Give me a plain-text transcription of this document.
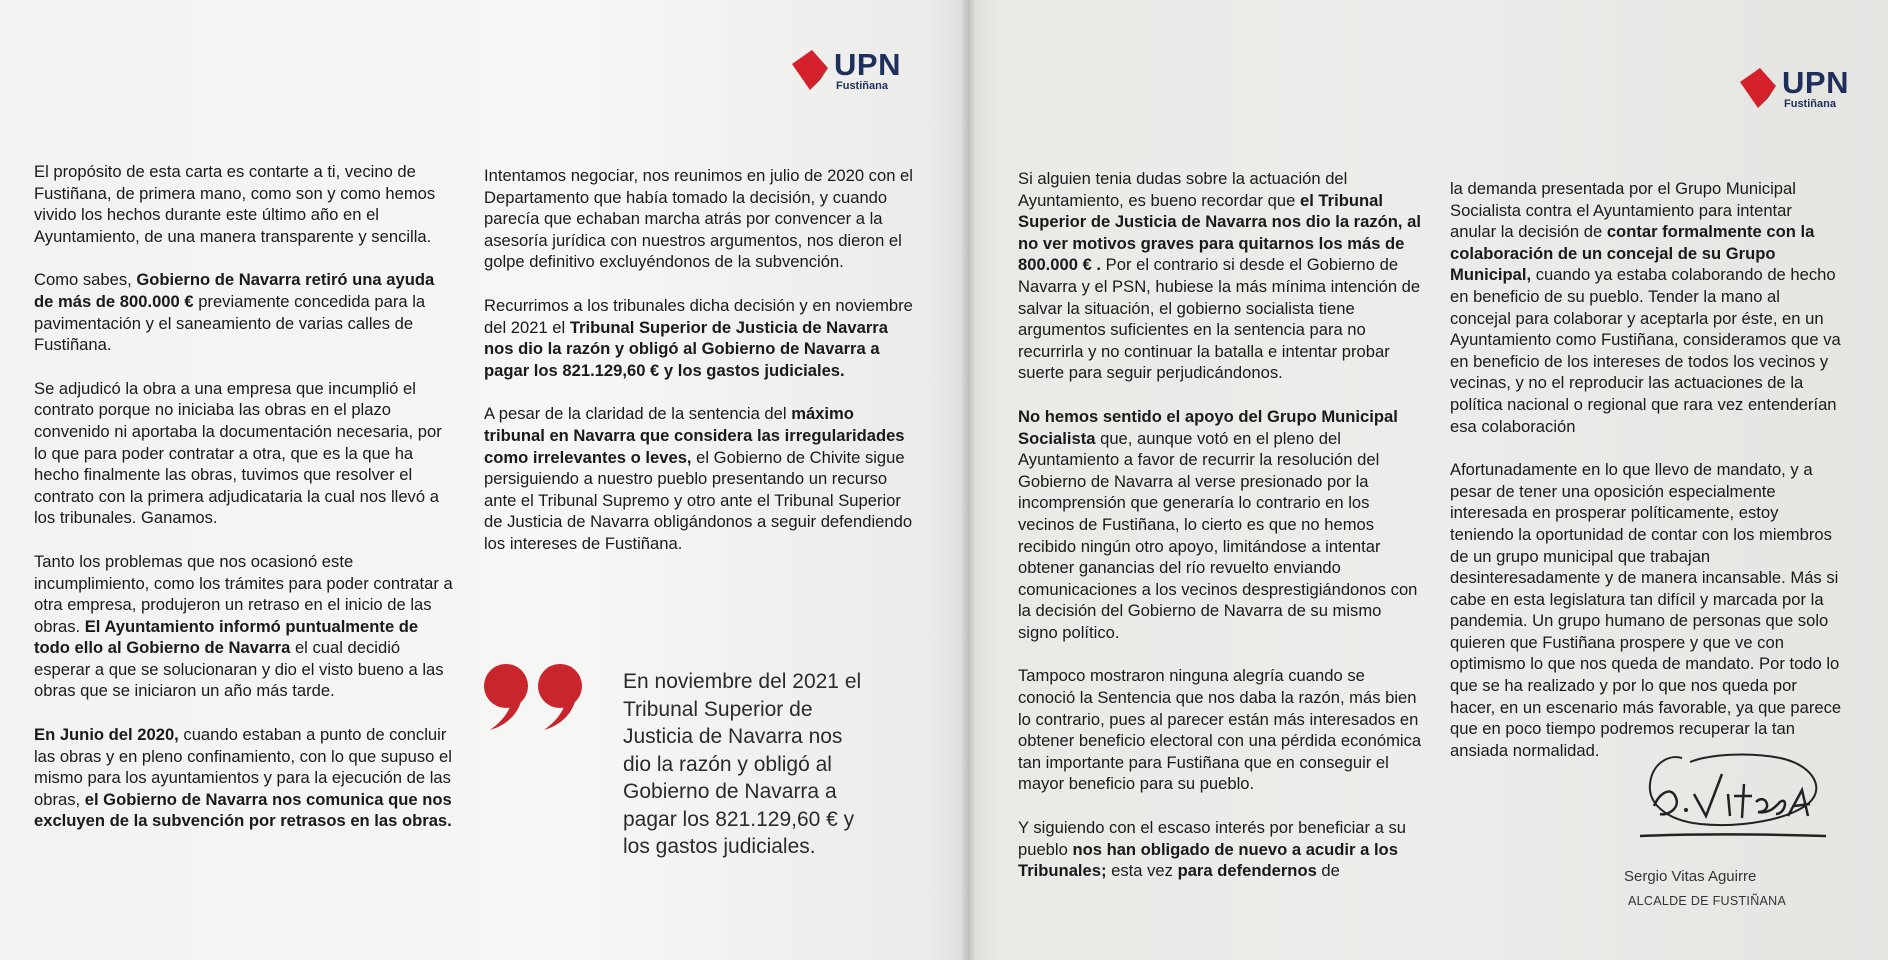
UPN
Fustiñana	UPN
Fustiñana

El propósito de esta carta es contarte a ti, vecino de Fustiñana, de primera mano, como son y como hemos vivido los hechos durante este último año en el Ayuntamiento, de una manera transparente y sencilla.

Como sabes, Gobierno de Navarra retiró una ayuda de más de 800.000 € previamente concedida para la pavimentación y el saneamiento de varias calles de Fustiñana.

Se adjudicó la obra a una empresa que incumplió el contrato porque no iniciaba las obras en el plazo convenido ni aportaba la documentación necesaria, por lo que para poder contratar a otra, que es la que ha hecho finalmente las obras, tuvimos que resolver el contrato con la primera adjudicataria la cual nos llevó a los tribunales. Ganamos.

Tanto los problemas que nos ocasionó este incumplimiento, como los trámites para poder contratar a otra empresa, produjeron un retraso en el inicio de las obras. El Ayuntamiento informó puntualmente de todo ello al Gobierno de Navarra el cual decidió esperar a que se solucionaran y dio el visto bueno a las obras que se iniciaron un año más tarde.

En Junio del 2020, cuando estaban a punto de concluir las obras y en pleno confinamiento, con lo que supuso el mismo para los ayuntamientos y para la ejecución de las obras, el Gobierno de Navarra nos comunica que nos excluyen de la subvención por retrasos en las obras.

Intentamos negociar, nos reunimos en julio de 2020 con el Departamento que había tomado la decisión, y cuando parecía que echaban marcha atrás por convencer a la asesoría jurídica con nuestros argumentos, nos dieron el golpe definitivo excluyéndonos de la subvención.

Recurrimos a los tribunales dicha decisión y en noviembre del 2021 el Tribunal Superior de Justicia de Navarra nos dio la razón y obligó al Gobierno de Navarra a pagar los 821.129,60 € y los gastos judiciales.

A pesar de la claridad de la sentencia del máximo tribunal en Navarra que considera las irregularidades como irrelevantes o leves, el Gobierno de Chivite sigue persiguiendo a nuestro pueblo presentando un recurso ante el Tribunal Supremo y otro ante el Tribunal Superior de Justicia de Navarra obligándonos a seguir defendiendo los intereses de Fustiñana.

En noviembre del 2021 el Tribunal Superior de Justicia de Navarra nos dio la razón y obligó al Gobierno de Navarra a pagar los 821.129,60 € y los gastos judiciales.

Si alguien tenia dudas sobre la actuación del Ayuntamiento, es bueno recordar que el Tribunal Superior de Justicia de Navarra nos dio la razón, al no ver motivos graves para quitarnos los más de 800.000 € . Por el contrario si desde el Gobierno de Navarra y el PSN, hubiese la más mínima intención de salvar la situación, el gobierno socialista tiene argumentos suficientes en la sentencia para no recurrirla y no continuar la batalla e intentar probar suerte para seguir perjudicándonos.

No hemos sentido el apoyo del Grupo Municipal Socialista que, aunque votó en el pleno del Ayuntamiento a favor de recurrir la resolución del Gobierno de Navarra al verse presionado por la incomprensión que generaría lo contrario en los vecinos de Fustiñana, lo cierto es que no hemos recibido ningún otro apoyo, limitándose a intentar obtener ganancias del río revuelto enviando comunicaciones a los vecinos desprestigiándonos con la decisión del Gobierno de Navarra de su mismo signo político.

Tampoco mostraron ninguna alegría cuando se conoció la Sentencia que nos daba la razón, más bien lo contrario, pues al parecer están más interesados en obtener beneficio electoral con una pérdida económica tan importante para Fustiñana que en conseguir el mayor beneficio para su pueblo.

Y siguiendo con el escaso interés por beneficiar a su pueblo nos han obligado de nuevo a acudir a los Tribunales; esta vez para defendernos de

la demanda presentada por el Grupo Municipal Socialista contra el Ayuntamiento para intentar anular la decisión de contar formalmente con la colaboración de un concejal de su Grupo Municipal, cuando ya estaba colaborando de hecho en beneficio de su pueblo. Tender la mano al concejal para colaborar y aceptarla por éste, en un Ayuntamiento como Fustiñana, consideramos que va en beneficio de los intereses de todos los vecinos y vecinas, y no el reproducir las actuaciones de la política nacional o regional que rara vez entenderían esa colaboración

Afortunadamente en lo que llevo de mandato, y a pesar de tener una oposición especialmente interesada en prosperar políticamente, estoy teniendo la oportunidad de contar con los miembros de un grupo municipal que trabajan desinteresadamente y de manera incansable. Más si cabe en esta legislatura tan difícil y marcada por la pandemia. Un grupo humano de personas que solo quieren que Fustiñana prospere y que ve con optimismo lo que nos queda de mandato. Por todo lo que se ha realizado y por lo que nos queda por hacer, en un escenario más favorable, ya que parece que en poco tiempo podremos recuperar la tan ansiada normalidad.

Sergio Vitas Aguirre
ALCALDE DE FUSTIÑANA
